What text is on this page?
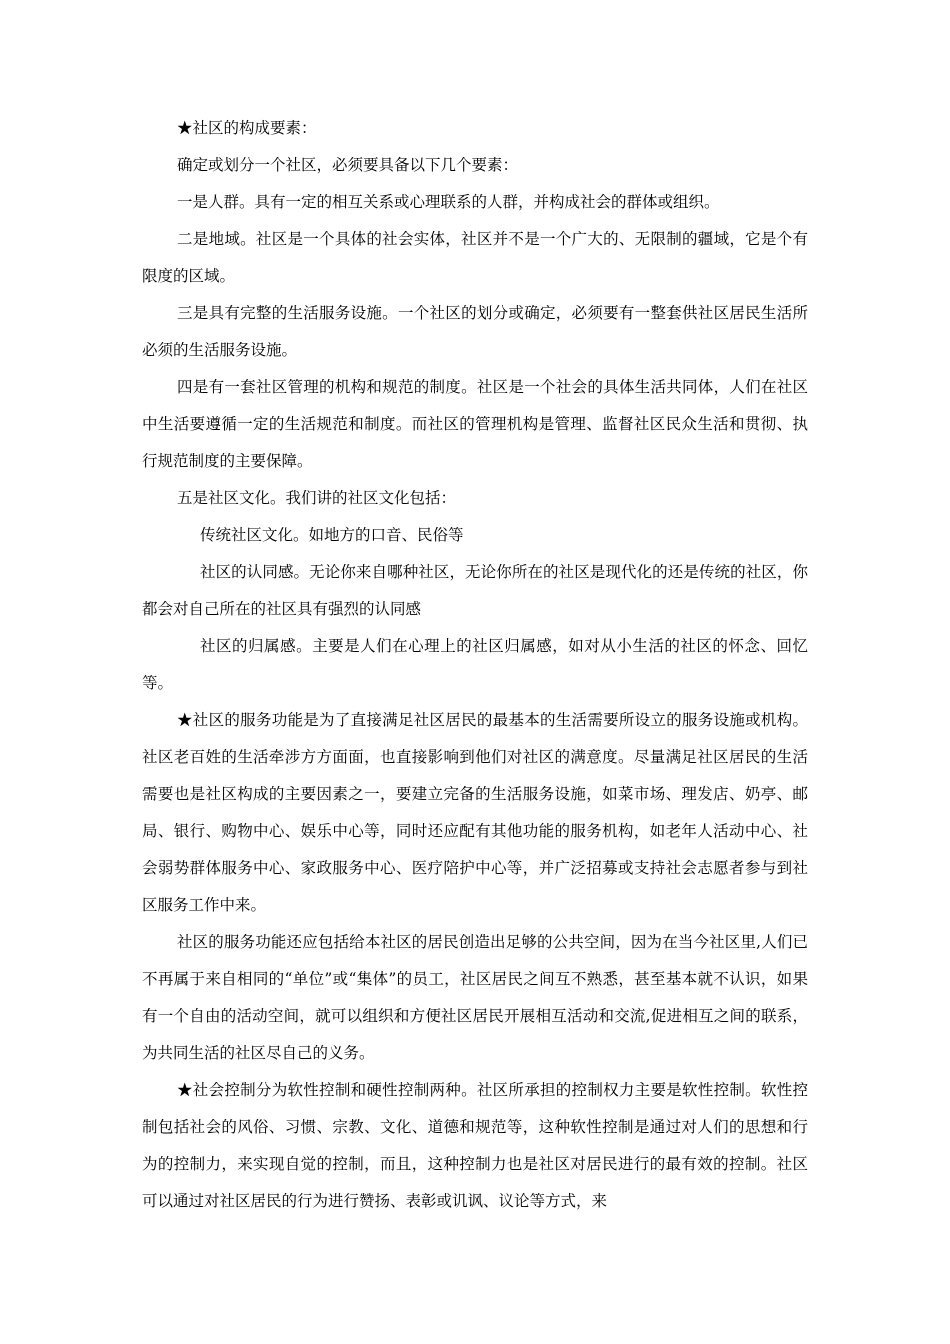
★社区的构成要素：

确定或划分一个社区，必须要具备以下几个要素：

一是人群。具有一定的相互关系或心理联系的人群，并构成社会的群体或组织。

二是地域。社区是一个具体的社会实体，社区并不是一个广大的、无限制的疆域，它是个有限度的区域。

三是具有完整的生活服务设施。一个社区的划分或确定，必须要有一整套供社区居民生活所必须的生活服务设施。

四是有一套社区管理的机构和规范的制度。社区是一个社会的具体生活共同体，人们在社区中生活要遵循一定的生活规范和制度。而社区的管理机构是管理、监督社区民众生活和贯彻、执行规范制度的主要保障。

五是社区文化。我们讲的社区文化包括：

传统社区文化。如地方的口音、民俗等

社区的认同感。无论你来自哪种社区，无论你所在的社区是现代化的还是传统的社区，你都会对自己所在的社区具有强烈的认同感

社区的归属感。主要是人们在心理上的社区归属感，如对从小生活的社区的怀念、回忆等。

★社区的服务功能是为了直接满足社区居民的最基本的生活需要所设立的服务设施或机构。社区老百姓的生活牵涉方方面面，也直接影响到他们对社区的满意度。尽量满足社区居民的生活需要也是社区构成的主要因素之一，要建立完备的生活服务设施，如菜市场、理发店、奶亭、邮局、银行、购物中心、娱乐中心等，同时还应配有其他功能的服务机构，如老年人活动中心、社会弱势群体服务中心、家政服务中心、医疗陪护中心等，并广泛招募或支持社会志愿者参与到社区服务工作中来。

社区的服务功能还应包括给本社区的居民创造出足够的公共空间，因为在当今社区里,人们已不再属于来自相同的“单位”或“集体”的员工，社区居民之间互不熟悉，甚至基本就不认识，如果有一个自由的活动空间，就可以组织和方便社区居民开展相互活动和交流,促进相互之间的联系，为共同生活的社区尽自己的义务。

★社会控制分为软性控制和硬性控制两种。社区所承担的控制权力主要是软性控制。软性控制包括社会的风俗、习惯、宗教、文化、道德和规范等，这种软性控制是通过对人们的思想和行为的控制力，来实现自觉的控制，而且，这种控制力也是社区对居民进行的最有效的控制。社区可以通过对社区居民的行为进行赞扬、表彰或讥讽、议论等方式，来
